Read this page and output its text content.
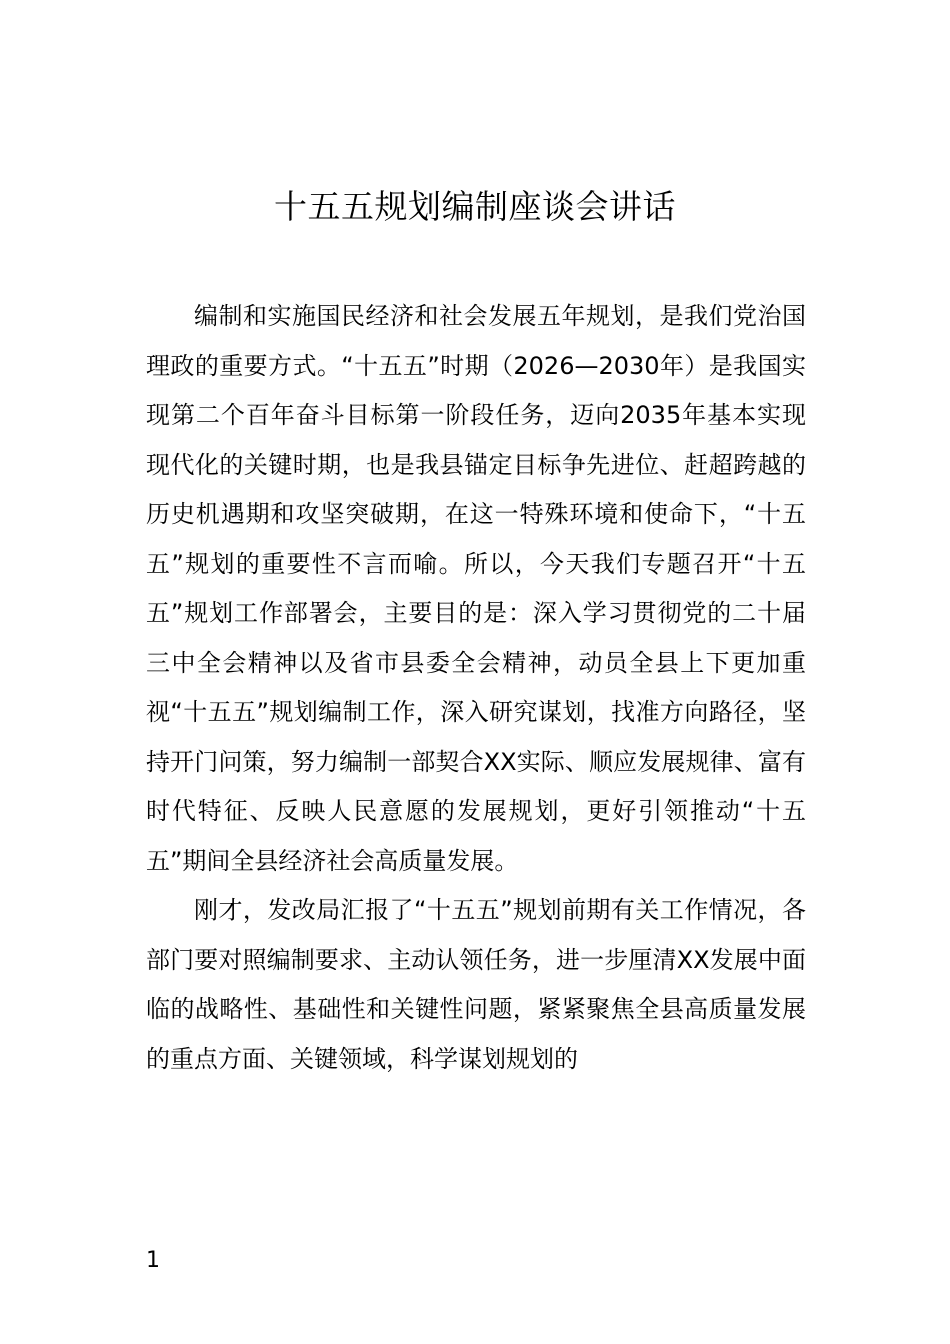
十五五规划编制座谈会讲话

编制和实施国民经济和社会发展五年规划，是我们党治国理政的重要方式。“十五五”时期（2026—2030年）是我国实现第二个百年奋斗目标第一阶段任务，迈向2035年基本实现现代化的关键时期，也是我县锚定目标争先进位、赶超跨越的历史机遇期和攻坚突破期，在这一特殊环境和使命下，“十五五”规划的重要性不言而喻。所以，今天我们专题召开“十五五”规划工作部署会，主要目的是：深入学习贯彻党的二十届三中全会精神以及省市县委全会精神，动员全县上下更加重视“十五五”规划编制工作，深入研究谋划，找准方向路径，坚持开门问策，努力编制一部契合XX实际、顺应发展规律、富有时代特征、反映人民意愿的发展规划，更好引领推动“十五五”期间全县经济社会高质量发展。

刚才，发改局汇报了“十五五”规划前期有关工作情况，各部门要对照编制要求、主动认领任务，进一步厘清XX发展中面临的战略性、基础性和关键性问题，紧紧聚焦全县高质量发展的重点方面、关键领域，科学谋划规划的

1
